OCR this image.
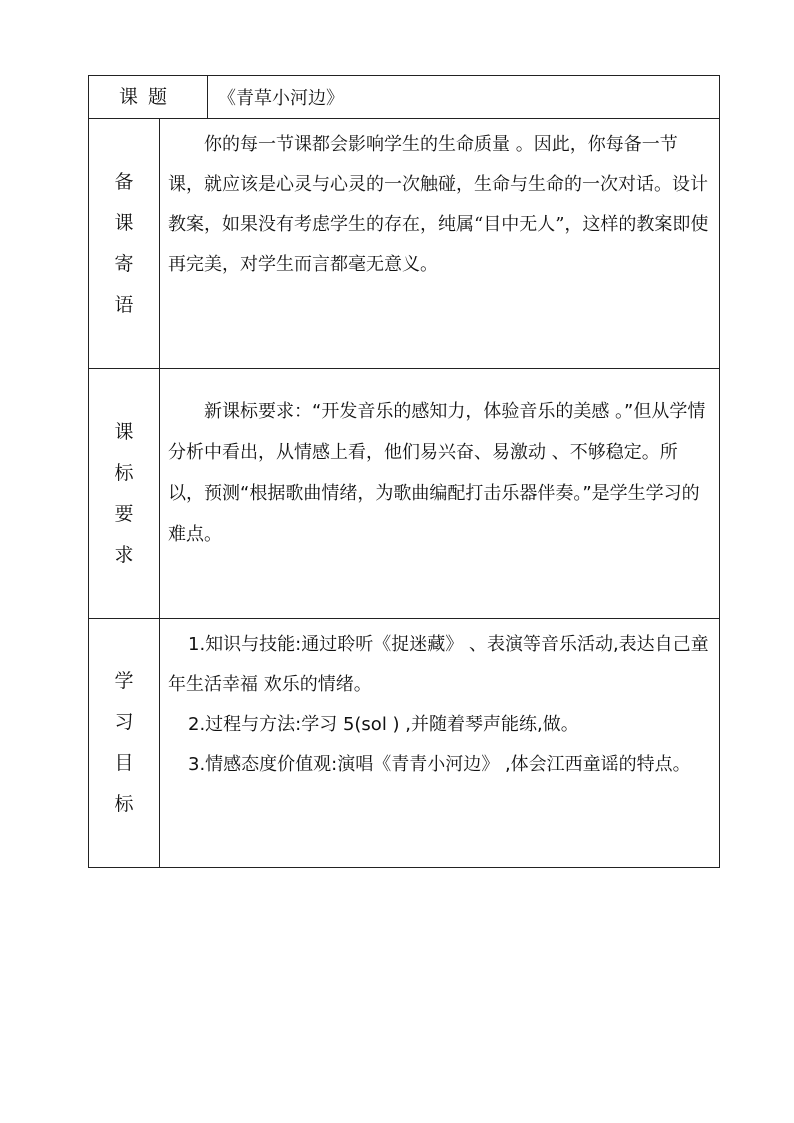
课题 《青草小河边》
备
课
寄
语

你的每一节课都会影响学生的生命质量 。因此，你每备一节课，就应该是心灵与心灵的一次触碰，生命与生命的一次对话。设计教案，如果没有考虑学生的存在，纯属“目中无人”，这样的教案即使再完美，对学生而言都毫无意义。

课
标
要
求

新课标要求：“开发音乐的感知力，体验音乐的美感 。”但从学情分析中看出，从情感上看，他们易兴奋、易激动 、不够稳定。所以，预测“根据歌曲情绪，为歌曲编配打击乐器伴奏。”是学生学习的难点。

学
习
目
标

1.知识与技能:通过聆听《捉迷藏》 、表演等音乐活动,表达自己童年生活幸福 欢乐的情绪。

2.过程与方法:学习 5(sol ) ,并随着琴声能练,做。

3.情感态度价值观:演唱《青青小河边》 ,体会江西童谣的特点。
